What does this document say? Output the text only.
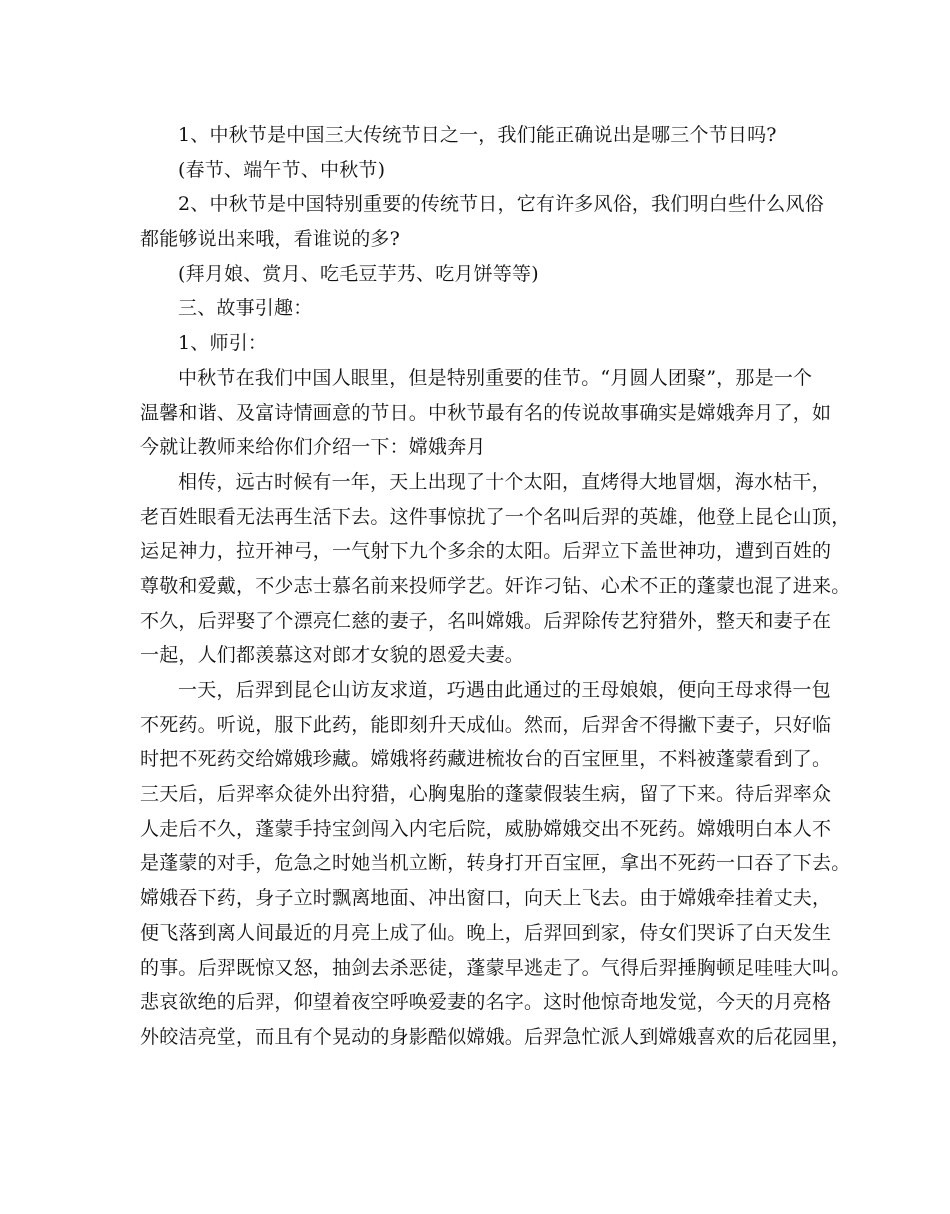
1、中秋节是中国三大传统节日之一，我们能正确说出是哪三个节日吗?
(春节、端午节、中秋节)
2、中秋节是中国特别重要的传统节日，它有许多风俗，我们明白些什么风俗
都能够说出来哦，看谁说的多?
(拜月娘、赏月、吃毛豆芋艿、吃月饼等等)
三、故事引趣：
1、师引：
中秋节在我们中国人眼里，但是特别重要的佳节。“月圆人团聚”，那是一个
温馨和谐、及富诗情画意的节日。中秋节最有名的传说故事确实是嫦娥奔月了，如
今就让教师来给你们介绍一下：嫦娥奔月
相传，远古时候有一年，天上出现了十个太阳，直烤得大地冒烟，海水枯干，
老百姓眼看无法再生活下去。这件事惊扰了一个名叫后羿的英雄，他登上昆仑山顶，
运足神力，拉开神弓，一气射下九个多余的太阳。后羿立下盖世神功，遭到百姓的
尊敬和爱戴，不少志士慕名前来投师学艺。奸诈刁钻、心术不正的蓬蒙也混了进来。
不久，后羿娶了个漂亮仁慈的妻子，名叫嫦娥。后羿除传艺狩猎外，整天和妻子在
一起，人们都羡慕这对郎才女貌的恩爱夫妻。
一天，后羿到昆仑山访友求道，巧遇由此通过的王母娘娘，便向王母求得一包
不死药。听说，服下此药，能即刻升天成仙。然而，后羿舍不得撇下妻子，只好临
时把不死药交给嫦娥珍藏。嫦娥将药藏进梳妆台的百宝匣里，不料被蓬蒙看到了。
三天后，后羿率众徒外出狩猎，心胸鬼胎的蓬蒙假装生病，留了下来。待后羿率众
人走后不久，蓬蒙手持宝剑闯入内宅后院，威胁嫦娥交出不死药。嫦娥明白本人不
是蓬蒙的对手，危急之时她当机立断，转身打开百宝匣，拿出不死药一口吞了下去。
嫦娥吞下药，身子立时飘离地面、冲出窗口，向天上飞去。由于嫦娥牵挂着丈夫，
便飞落到离人间最近的月亮上成了仙。晚上，后羿回到家，侍女们哭诉了白天发生
的事。后羿既惊又怒，抽剑去杀恶徒，蓬蒙早逃走了。气得后羿捶胸顿足哇哇大叫。
悲哀欲绝的后羿，仰望着夜空呼唤爱妻的名字。这时他惊奇地发觉，今天的月亮格
外皎洁亮堂，而且有个晃动的身影酷似嫦娥。后羿急忙派人到嫦娥喜欢的后花园里，
